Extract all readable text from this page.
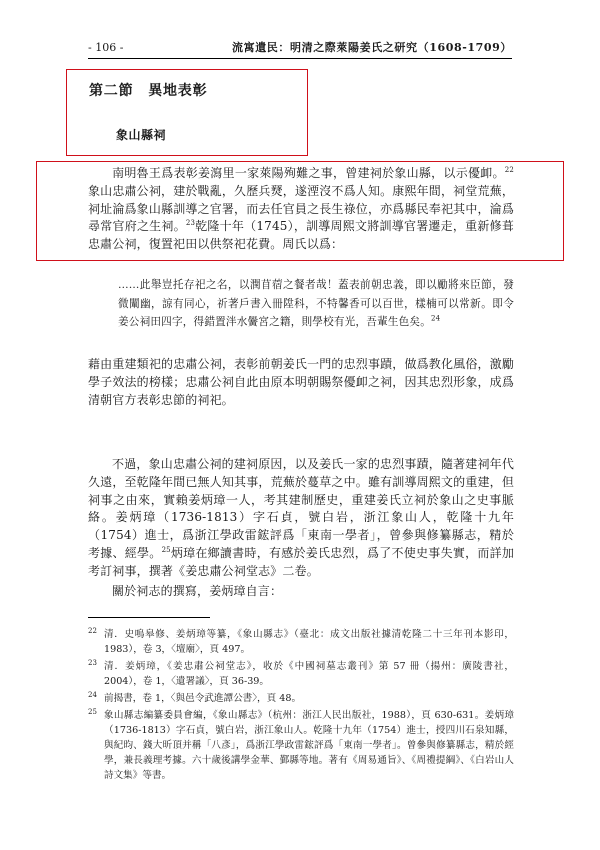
- 106 -	流寓遺民：明清之際萊陽姜氏之研究（1608-1709）
第二節　異地表彰
象山縣祠
南明魯王爲表彰姜瀉里一家萊陽殉難之事，曾建祠於象山縣，以示優卹。$^{22}$象山忠肅公祠，建於戰亂，久歷兵燹，遂湮沒不爲人知。康熙年間，祠堂荒蕪，祠址淪爲象山縣訓導之官署，而去任官員之長生祿位，亦爲縣民奉祀其中，淪爲尋常官府之生祠。$^{23}$乾隆十年（1745），訓導周熙文將訓導官署遷走，重新修葺忠肅公祠，復置祀田以供祭祀花費。周氏以爲：
……此舉豈托存祀之名，以潤苜蓿之餐者哉！蓋表前朝忠義，即以勵將來臣節，發微闡幽，諒有同心，祈著戶書入冊陞科，不特馨香可以百世，樣楠可以常新。即令姜公祠田四字，得錯置泮水黌宮之籍，則學校有光，吾輩生色矣。$^{24}$
藉由重建類祀的忠肅公祠，表彰前朝姜氏一門的忠烈事蹟，做爲教化風俗，激勵學子效法的榜樣；忠肅公祠自此由原本明朝賜祭優卹之祠，因其忠烈形象，成爲清朝官方表彰忠節的祠祀。
不過，象山忠肅公祠的建祠原因，以及姜氏一家的忠烈事蹟，隨著建祠年代久遠，至乾隆年間已無人知其事，荒蕪於蔓草之中。雖有訓導周熙文的重建，但祠事之由來，實賴姜炳璋一人，考其建制歷史，重建姜氏立祠於象山之史事脈絡。姜炳璋（1736-1813）字石貞，號白岩，浙江象山人，乾隆十九年（1754）進士，爲浙江學政雷鋐評爲「東南一學者」，曾參與修纂縣志，精於考據、經學。$^{25}$炳璋在鄉讀書時，有感於姜氏忠烈，爲了不使史事失實，而詳加考訂祠事，撰著《姜忠肅公祠堂志》二卷。
關於祠志的撰寫，姜炳璋自言：
22 清．史鳴皋修、姜炳璋等纂，《象山縣志》（臺北：成文出版社據清乾隆二十三年刊本影印，1983），卷 3，〈壇廟〉，頁 497。
23 清．姜炳璋，《姜忠肅公祠堂志》，收於《中國祠墓志叢刊》第 57 冊（揚州：廣陵書社，2004），卷 1，〈遺署議〉，頁 36-39。
24 前揭書，卷 1，〈與邑令武進譚公書〉，頁 48。
25 象山縣志編纂委員會編，《象山縣志》（杭州：浙江人民出版社，1988），頁 630-631。姜炳璋（1736-1813）字石貞，號白岩，浙江象山人。乾隆十九年（1754）進士，授四川石泉知縣，與紀昀、錢大昕頂并稱「八彥」，爲浙江學政雷鋐評爲「東南一學者」。曾參與修纂縣志，精於經學，兼長義理考據。六十歲後講學金華、鄞縣等地。著有《周易通旨》、《周禮提綱》、《白岩山人詩文集》等書。
